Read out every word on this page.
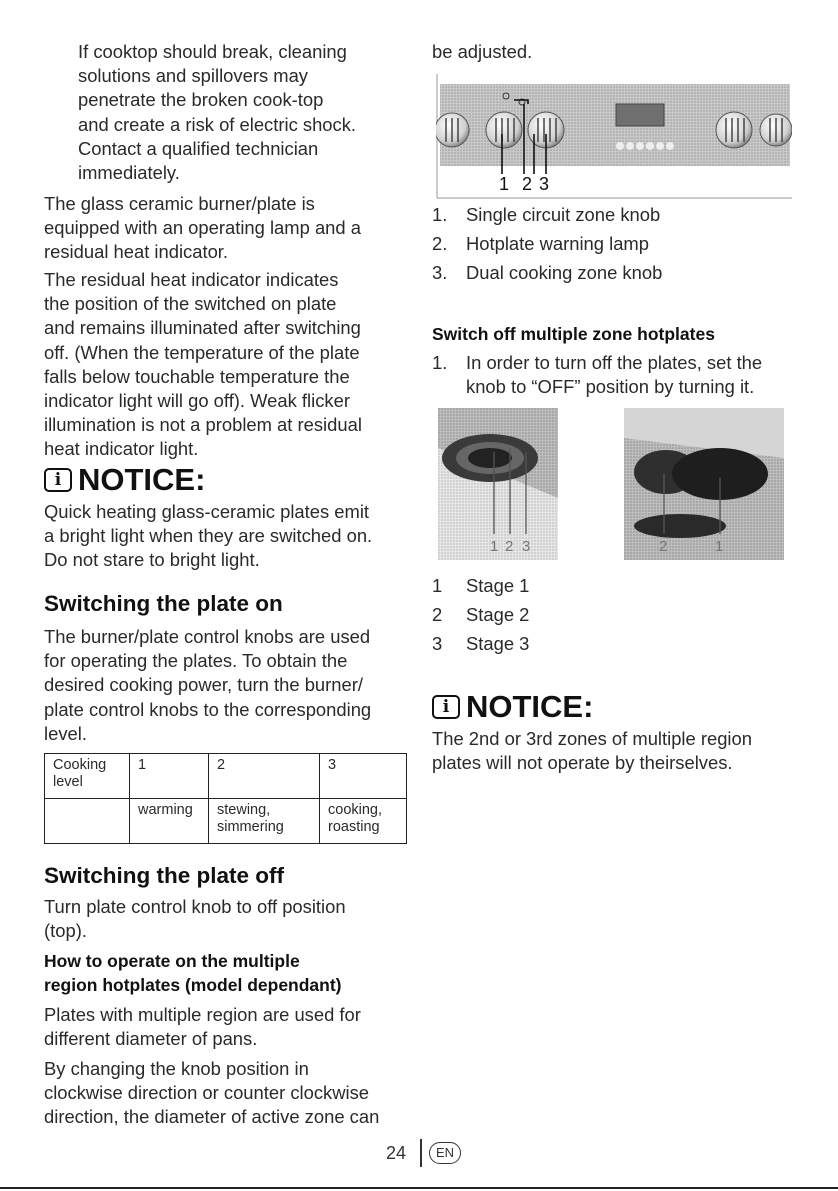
If cooktop should break, cleaning
solutions and spillovers may
penetrate the broken cook-top
and create a risk of electric shock.
Contact a qualified technician
immediately.
The glass ceramic burner/plate is
equipped with an operating lamp and a
residual heat indicator.
The residual heat indicator indicates
the position of the switched on plate
and remains illuminated after switching
off. (When the temperature of the plate
falls below touchable temperature the
indicator light will go off). Weak flicker
illumination is not a problem at residual
heat indicator light.
i NOTICE:
Quick heating glass-ceramic plates emit
a bright light when they are switched on.
Do not stare to bright light.
Switching the plate on
The burner/plate control knobs are used
for operating the plates. To obtain the
desired cooking power, turn the burner/
plate control knobs to the corresponding
level.
Cooking level	1	2	3
	warming	stewing, simmering	cooking, roasting
Switching the plate off
Turn plate control knob to off position
(top).
How to operate on the multiple
region hotplates (model dependant)
Plates with multiple region are used for
different diameter of pans.
By changing the knob position in
clockwise direction or counter clockwise
direction, the diameter of active zone can
be adjusted.
1 2 3
1.	Single circuit zone knob
2.	Hotplate warning lamp
3.	Dual cooking zone knob
Switch off multiple zone hotplates
1.	In order to turn off the plates, set the
knob to “OFF” position by turning it.
1 2 3	2	1
1	Stage 1
2	Stage 2
3	Stage 3
i NOTICE:
The 2nd or 3rd zones of multiple region
plates will not operate by theirselves.
24	EN
